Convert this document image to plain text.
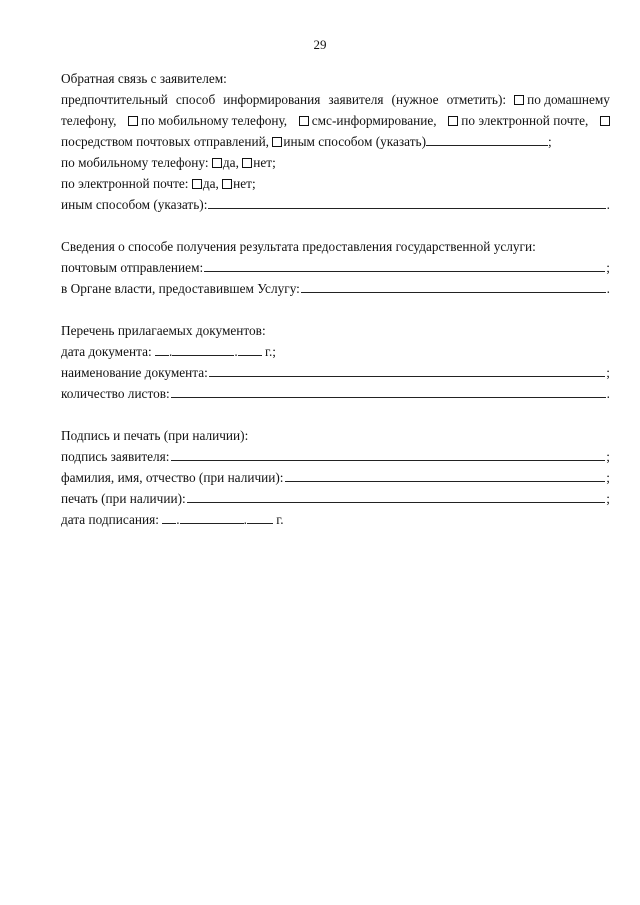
29
Обратная связь с заявителем:
предпочтительный способ информирования заявителя (нужное отметить): по домашнему
телефону, по мобильному телефону, смс-информирование, по электронной почте,
посредством почтовых отправлений, иным способом (указать)	;
по мобильному телефону: да, нет;
по электронной почте: да, нет;
иным способом (указать):	.
Сведения о способе получения результата предоставления государственной услуги:
почтовым отправлением:	;
в Органе власти, предоставившем Услугу:	.
Перечень прилагаемых документов:
дата документа: .	. г.;
наименование документа:	;
количество листов:	.
Подпись и печать (при наличии):
подпись заявителя:	;
фамилия, имя, отчество (при наличии):	;
печать (при наличии):	;
дата подписания: .	. г.
